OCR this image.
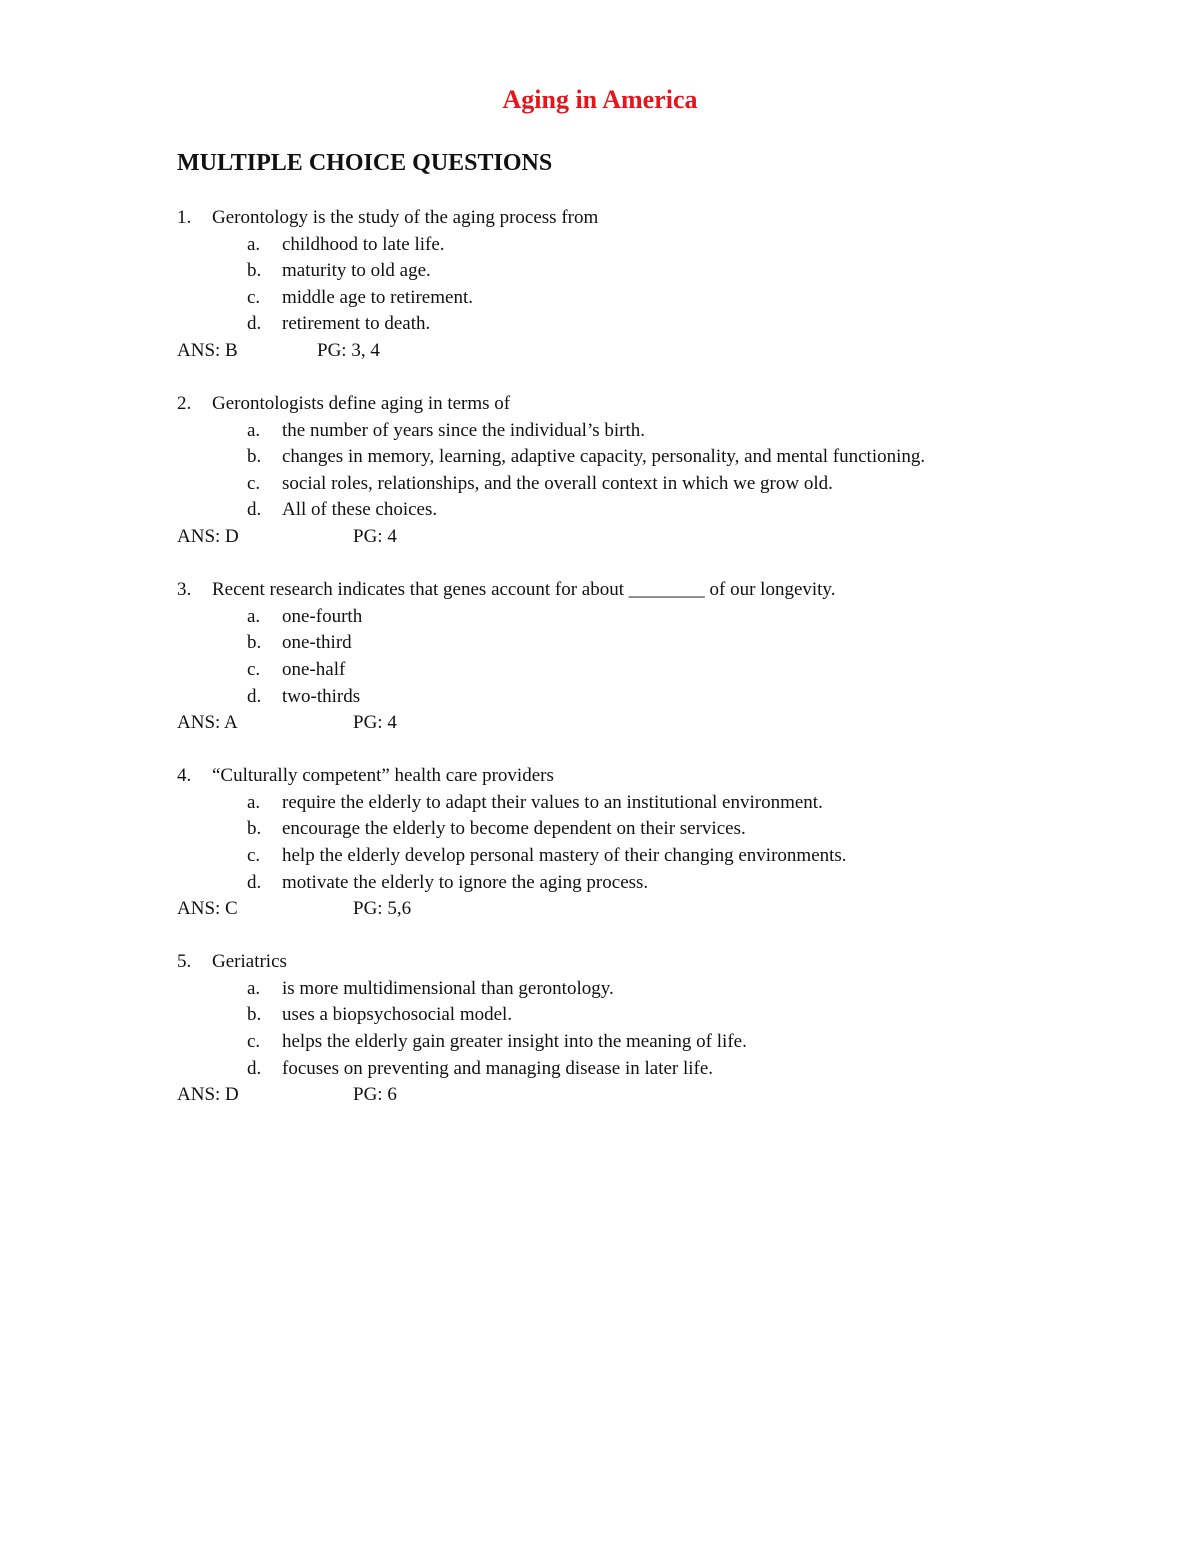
Aging in America
MULTIPLE CHOICE QUESTIONS
1. Gerontology is the study of the aging process from
a. childhood to late life.
b. maturity to old age.
c. middle age to retirement.
d. retirement to death.
ANS: B	PG: 3, 4
2. Gerontologists define aging in terms of
a. the number of years since the individual’s birth.
b. changes in memory, learning, adaptive capacity, personality, and mental functioning.
c. social roles, relationships, and the overall context in which we grow old.
d. All of these choices.
ANS: D	PG: 4
3. Recent research indicates that genes account for about ________ of our longevity.
a. one-fourth
b. one-third
c. one-half
d. two-thirds
ANS: A	PG: 4
4. “Culturally competent” health care providers
a. require the elderly to adapt their values to an institutional environment.
b. encourage the elderly to become dependent on their services.
c. help the elderly develop personal mastery of their changing environments.
d. motivate the elderly to ignore the aging process.
ANS: C	PG: 5,6
5. Geriatrics
a. is more multidimensional than gerontology.
b. uses a biopsychosocial model.
c. helps the elderly gain greater insight into the meaning of life.
d. focuses on preventing and managing disease in later life.
ANS: D	PG: 6
